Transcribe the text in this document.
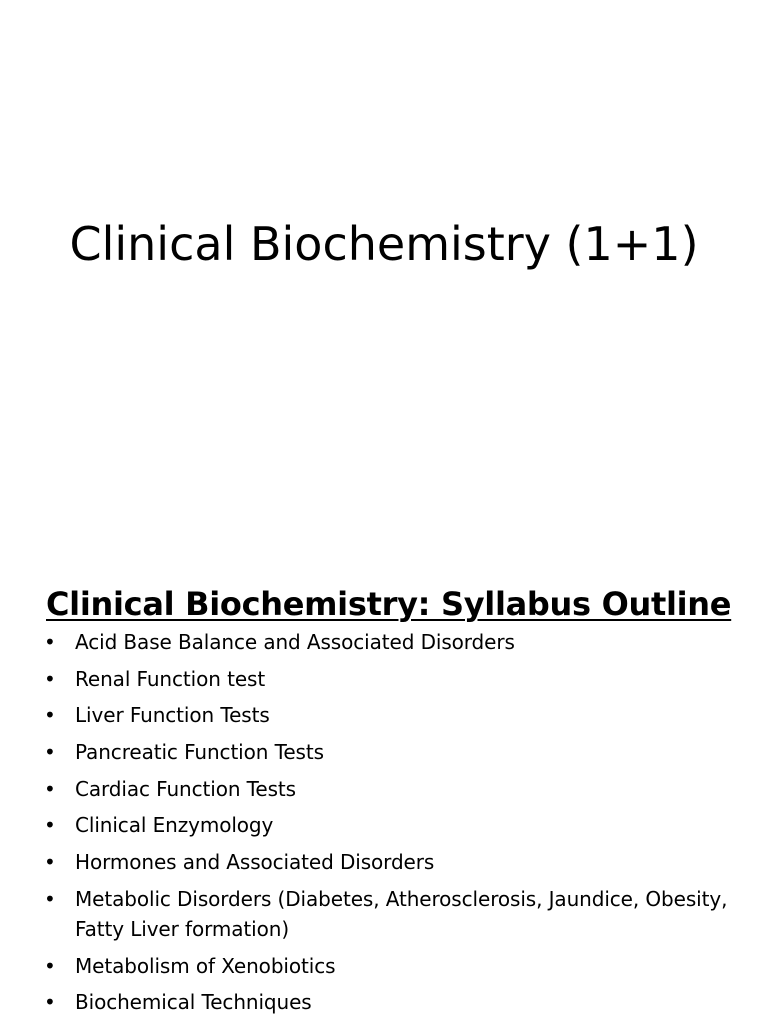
Clinical Biochemistry (1+1)
Clinical Biochemistry: Syllabus Outline
• Acid Base Balance and Associated Disorders
• Renal Function test
• Liver Function Tests
• Pancreatic Function Tests
• Cardiac Function Tests
• Clinical Enzymology
• Hormones and Associated Disorders
• Metabolic Disorders (Diabetes, Atherosclerosis, Jaundice, Obesity, Fatty Liver formation)
• Metabolism of Xenobiotics
• Biochemical Techniques
